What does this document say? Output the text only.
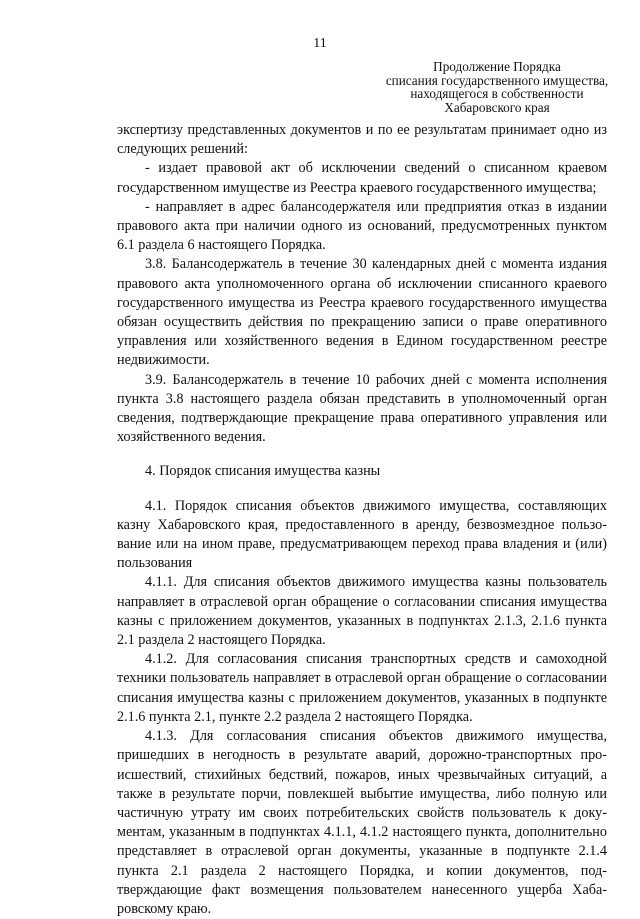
11
Продолжение Порядка
списания государственного имущества,
находящегося в собственности
Хабаровского края

экспертизу представленных документов и по ее результатам принимает одно из следующих решений:

- издает правовой акт об исключении сведений о списанном краевом государственном имуществе из Реестра краевого государственного имущества;

- направляет в адрес балансодержателя или предприятия отказ в издании правового акта при наличии одного из оснований, предусмотренных пунктом 6.1 раздела 6 настоящего Порядка.

3.8. Балансодержатель в течение 30 календарных дней с момента издания правового акта уполномоченного органа об исключении списанного краевого государственного имущества из Реестра краевого государственного имущества обязан осуществить действия по прекращению записи о праве оперативного управления или хозяйственного ведения в Едином государственном реестре недвижимости.

3.9. Балансодержатель в течение 10 рабочих дней с момента исполнения пункта 3.8 настоящего раздела обязан представить в уполномоченный орган сведения, подтверждающие прекращение права оперативного управления или хозяйственного ведения.

4. Порядок списания имущества казны

4.1. Порядок списания объектов движимого имущества, составляющих казну Хабаровского края, предоставленного в аренду, безвозмездное пользование или на ином праве, предусматривающем переход права владения и (или) пользования

4.1.1. Для списания объектов движимого имущества казны пользователь направляет в отраслевой орган обращение о согласовании списания имущества казны с приложением документов, указанных в подпунктах 2.1.3, 2.1.6 пункта 2.1 раздела 2 настоящего Порядка.

4.1.2. Для согласования списания транспортных средств и самоходной техники пользователь направляет в отраслевой орган обращение о согласовании списания имущества казны с приложением документов, указанных в подпункте 2.1.6 пункта 2.1, пункте 2.2 раздела 2 настоящего Порядка.

4.1.3. Для согласования списания объектов движимого имущества, пришедших в негодность в результате аварий, дорожно-транспортных происшествий, стихийных бедствий, пожаров, иных чрезвычайных ситуаций, а также в результате порчи, повлекшей выбытие имущества, либо полную или частичную утрату им своих потребительских свойств пользователь к документам, указанным в подпунктах 4.1.1, 4.1.2 настоящего пункта, дополнительно представляет в отраслевой орган документы, указанные в подпункте 2.1.4 пункта 2.1 раздела 2 настоящего Порядка, и копии документов, подтверждающие факт возмещения пользователем нанесенного ущерба Хабаровскому краю.
